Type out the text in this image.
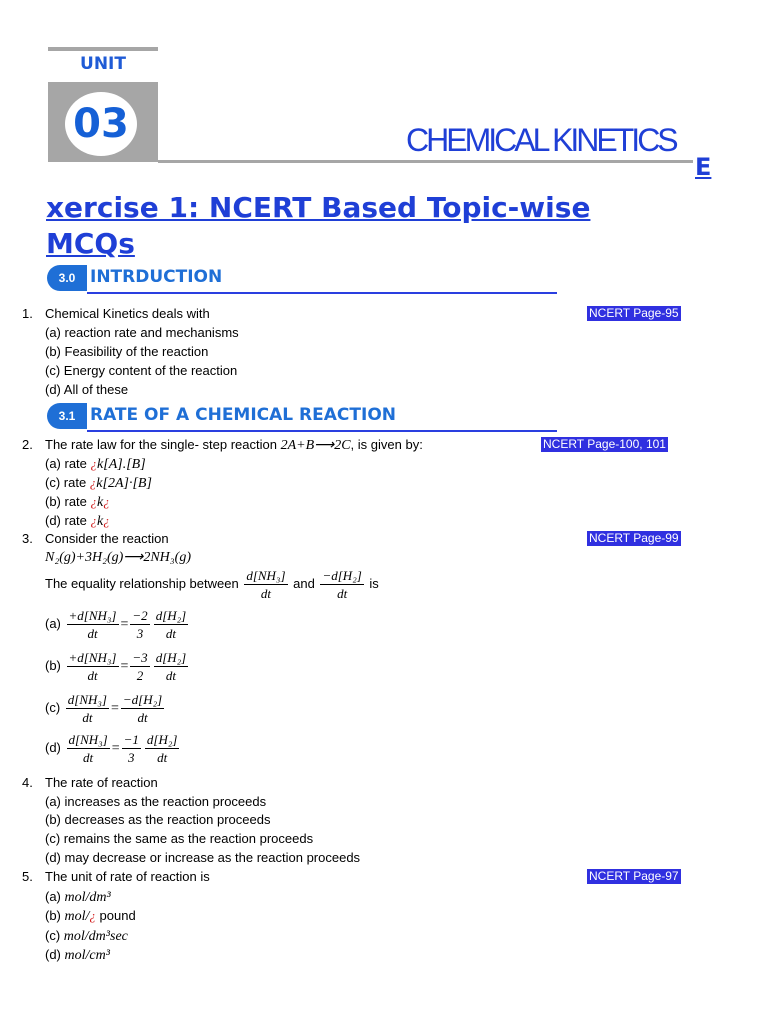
UNIT
03	CHEMICAL KINETICS
E
xercise 1: NCERT Based Topic-wise MCQs
3.0 INTRDUCTION
1. Chemical Kinetics deals with	NCERT Page-95
(a) reaction rate and mechanisms
(b) Feasibility of the reaction
(c) Energy content of the reaction
(d) All of these
3.1 RATE OF A CHEMICAL REACTION
2. The rate law for the single- step reaction 2A+B⟶2C, is given by:	NCERT Page-100, 101
(a) rate ¿k[A].[B]
(c) rate ¿k[2A]·[B]
(b) rate ¿k¿
(d) rate ¿k¿
3. Consider the reaction	NCERT Page-99
N₂(g)+3H₂(g)⟶2NH₃(g)
The equality relationship between $\frac{\text{d[NH₃]}}{dt}$ and $\frac{\text{−d[H₂]}}{dt}$ is
$(a) \frac{\text{+d[NH₃]}}{dt} = \frac{-2}{3} \frac{\text{d[H₂]}}{dt}$
$(b) \frac{\text{+d[NH₃]}}{dt} = \frac{-3}{2} \frac{\text{d[H₂]}}{dt}$
$(c) \frac{\text{d[NH₃]}}{dt} = \frac{\text{−d[H₂]}}{dt}$
$(d) \frac{\text{d[NH₃]}}{dt} = \frac{-1}{3} \frac{\text{d[H₂]}}{dt}$
4. The rate of reaction
(a) increases as the reaction proceeds
(b) decreases as the reaction proceeds
(c) remains the same as the reaction proceeds
(d) may decrease or increase as the reaction proceeds
5. The unit of rate of reaction is	NCERT Page-97
(a) mol/dm³
(b) mol/¿ pound
(c) mol/dm³sec
(d) mol/cm³
